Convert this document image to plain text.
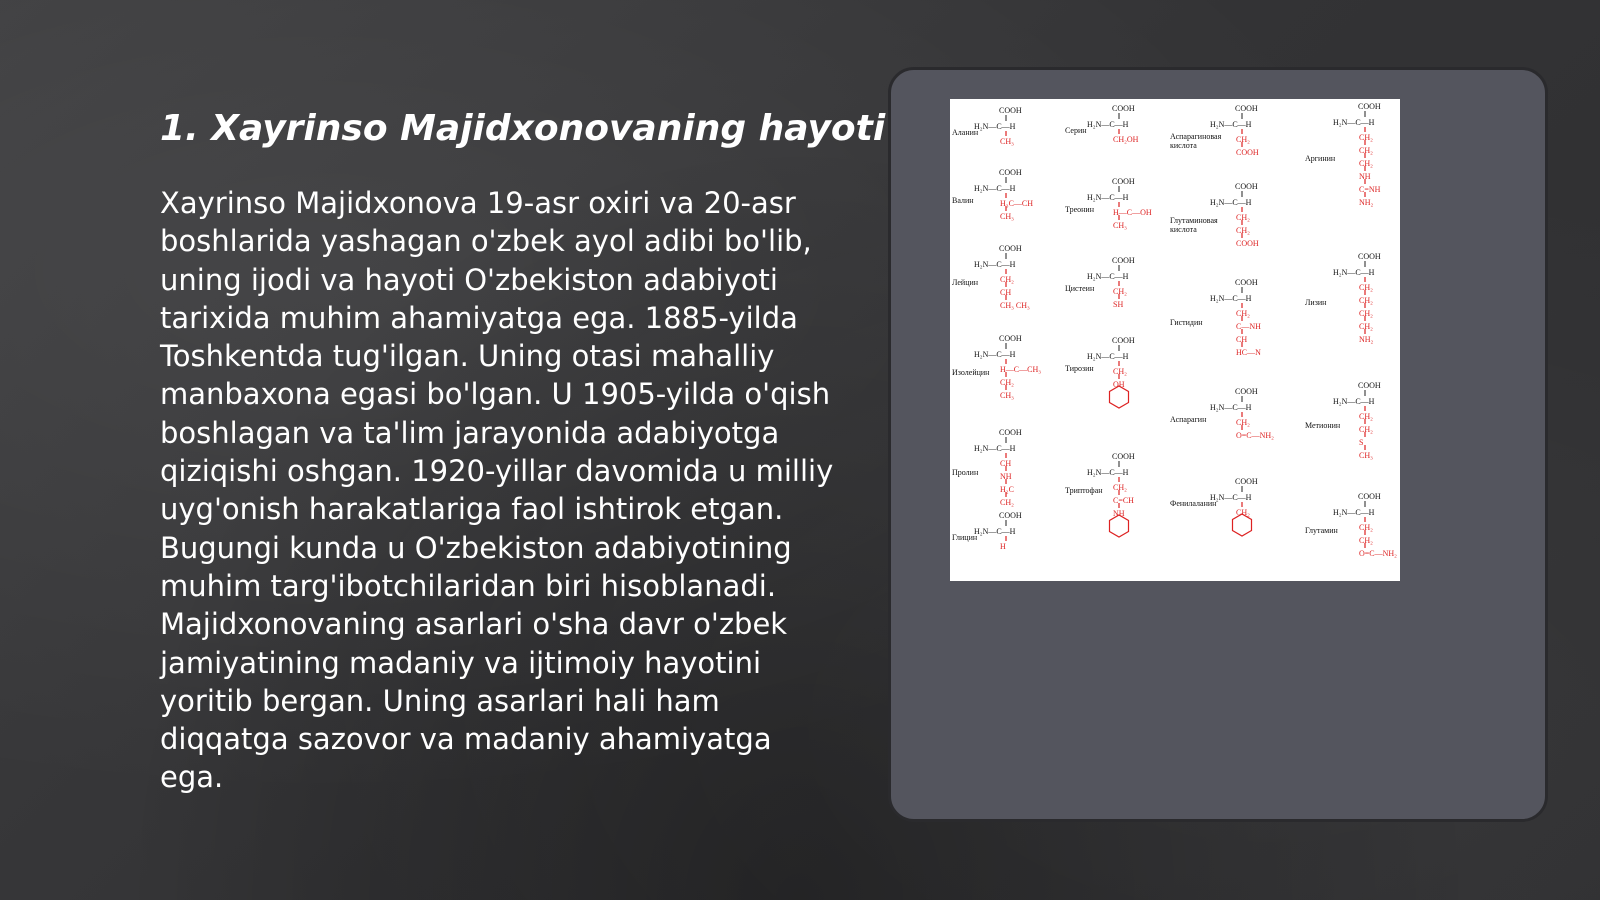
1. Xayrinso Majidxonovaning hayoti
Xayrinso Majidxonova 19-asr oxiri va 20-asr boshlarida yashagan o'zbek ayol adibi bo'lib, uning ijodi va hayoti O'zbekiston adabiyoti tarixida muhim ahamiyatga ega. 1885-yilda Toshkentda tug'ilgan. Uning otasi mahalliy manbaxona egasi bo'lgan. U 1905-yilda o'qish boshlagan va ta'lim jarayonida adabiyotga qiziqishi oshgan. 1920-yillar davomida u milliy uyg'onish harakatlariga faol ishtirok etgan. Bugungi kunda u O'zbekiston adabiyotining muhim targ'ibotchilaridan biri hisoblanadi. Majidxonovaning asarlari o'sha davr o'zbek jamiyatining madaniy va ijtimoiy hayotini yoritib bergan. Uning asarlari hali ham diqqatga sazovor va madaniy ahamiyatga ega.
COOH
H₂N—C—H
CH₃
Аланин
COOH
H₂N—C—H
H₃C—CH
CH₃
Валин
COOH
H₂N—C—H
CH₂
CH
CH₃ CH₃
Лейцин
COOH
H₂N—C—H
H—C—CH₃
CH₂
CH₃
Изолейцин
COOH
H₂N—C—H
CH
NH
H₂C
CH₂
Пролин
COOH
H₂N—C—H
H
Глицин
COOH
H₂N—C—H
CH₂OH
Серин
COOH
H₂N—C—H
H—C—OH
CH₃
Треонин
COOH
H₂N—C—H
CH₂
SH
Цистеин
COOH
H₂N—C—H
CH₂
OH
Тирозин
COOH
H₂N—C—H
CH₂
C=CH
NH
Триптофан
COOH
H₂N—C—H
CH₂
COOH
Аспарагиновая
кислота
COOH
H₂N—C—H
CH₂
CH₂
COOH
Глутаминовая
кислота
COOH
H₂N—C—H
CH₂
C—NH
CH
HC—N
Гистидин
COOH
H₂N—C—H
CH₂
O=C—NH₂
Аспарагин
COOH
H₂N—C—H
CH₂
Фенилаланин
COOH
H₂N—C—H
CH₂
CH₂
CH₂
NH
C=NH
NH₂
Аргинин
COOH
H₂N—C—H
CH₂
CH₂
CH₂
CH₂
NH₂
Лизин
COOH
H₂N—C—H
CH₂
CH₂
S
CH₃
Метионин
COOH
H₂N—C—H
CH₂
CH₂
O=C—NH₂
Глутамин
